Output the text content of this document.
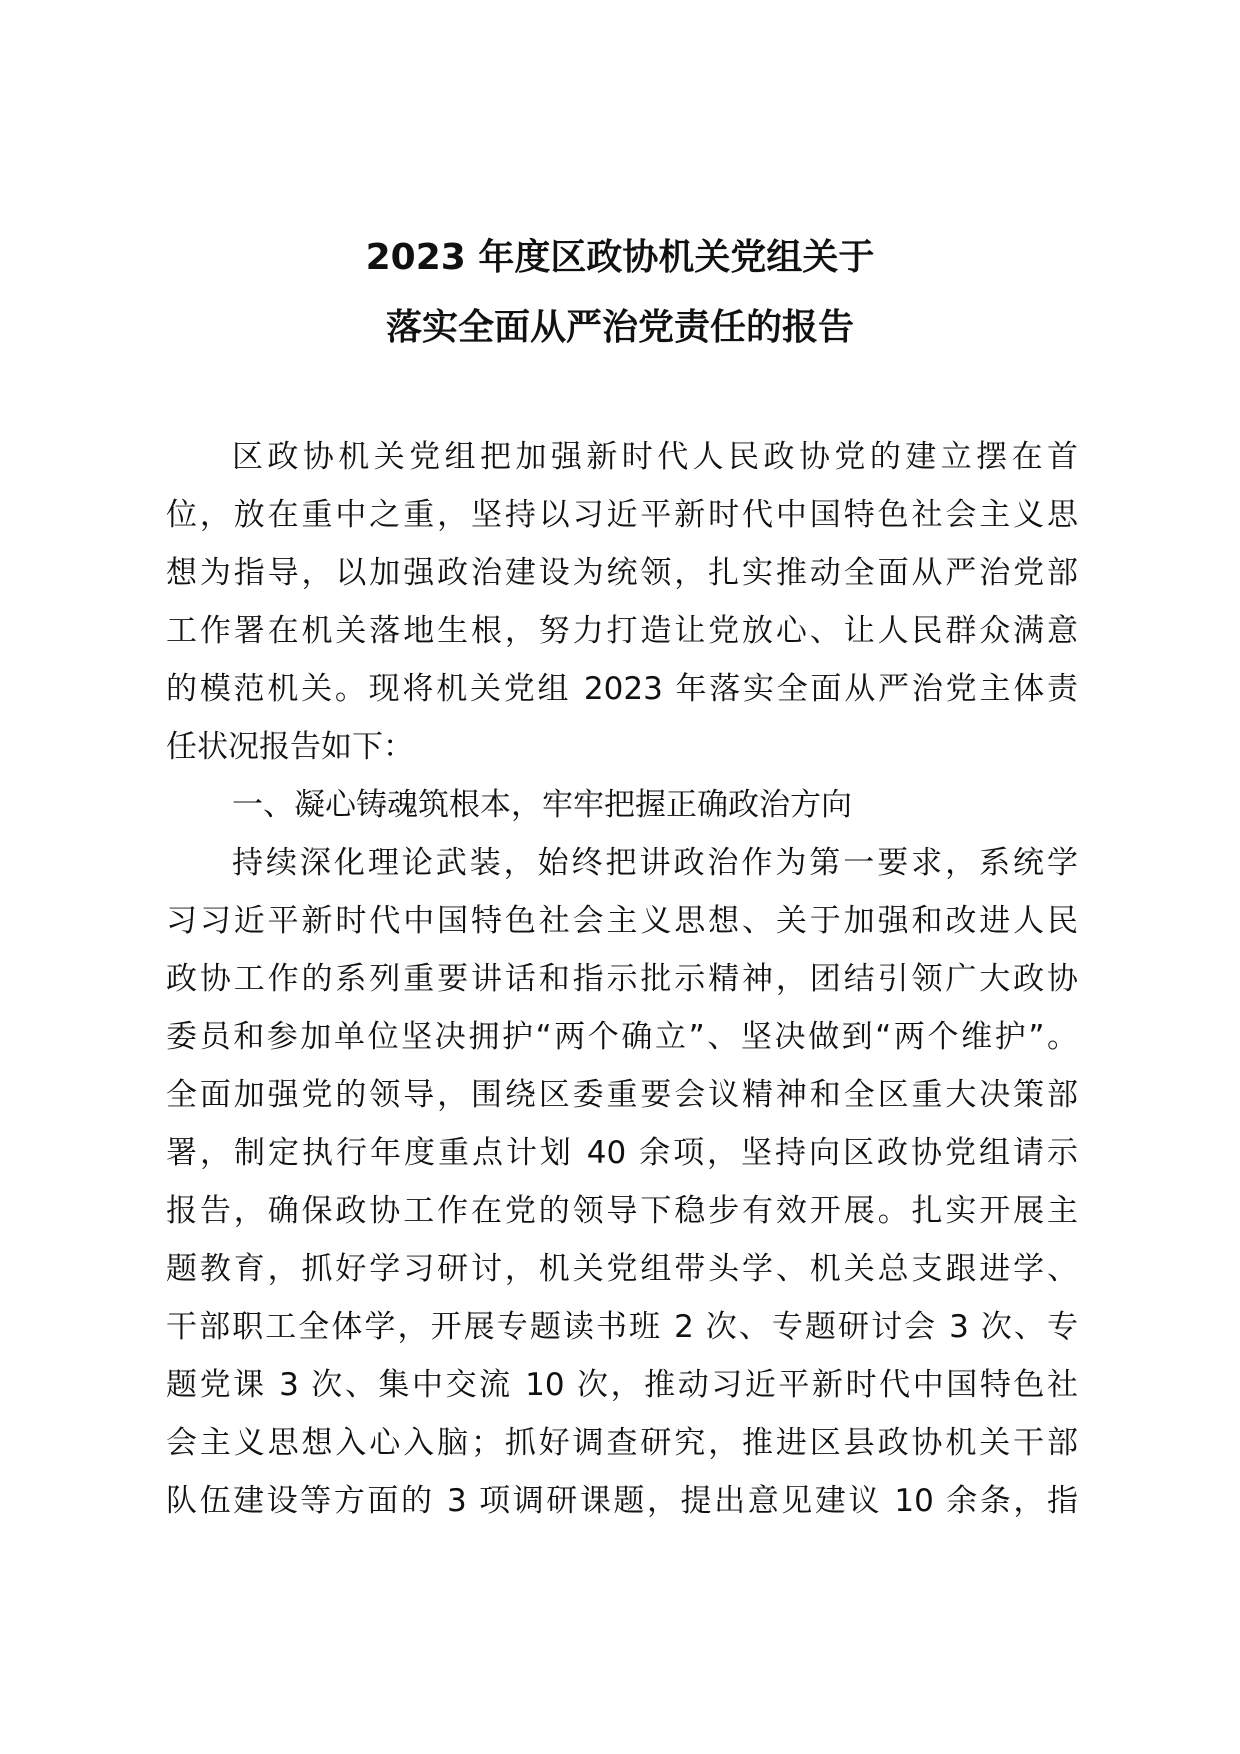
2023 年度区政协机关党组关于
落实全面从严治党责任的报告
区政协机关党组把加强新时代人民政协党的建立摆在首
位，放在重中之重，坚持以习近平新时代中国特色社会主义思
想为指导，以加强政治建设为统领，扎实推动全面从严治党部
工作署在机关落地生根，努力打造让党放心、让人民群众满意
的模范机关。现将机关党组 2023 年落实全面从严治党主体责
任状况报告如下：
一、凝心铸魂筑根本，牢牢把握正确政治方向
持续深化理论武装，始终把讲政治作为第一要求，系统学
习习近平新时代中国特色社会主义思想、关于加强和改进人民
政协工作的系列重要讲话和指示批示精神，团结引领广大政协
委员和参加单位坚决拥护“两个确立”、坚决做到“两个维护”。
全面加强党的领导，围绕区委重要会议精神和全区重大决策部
署，制定执行年度重点计划 40 余项，坚持向区政协党组请示
报告，确保政协工作在党的领导下稳步有效开展。扎实开展主
题教育，抓好学习研讨，机关党组带头学、机关总支跟进学、
干部职工全体学，开展专题读书班 2 次、专题研讨会 3 次、专
题党课 3 次、集中交流 10 次，推动习近平新时代中国特色社
会主义思想入心入脑；抓好调查研究，推进区县政协机关干部
队伍建设等方面的 3 项调研课题，提出意见建议 10 余条，指
